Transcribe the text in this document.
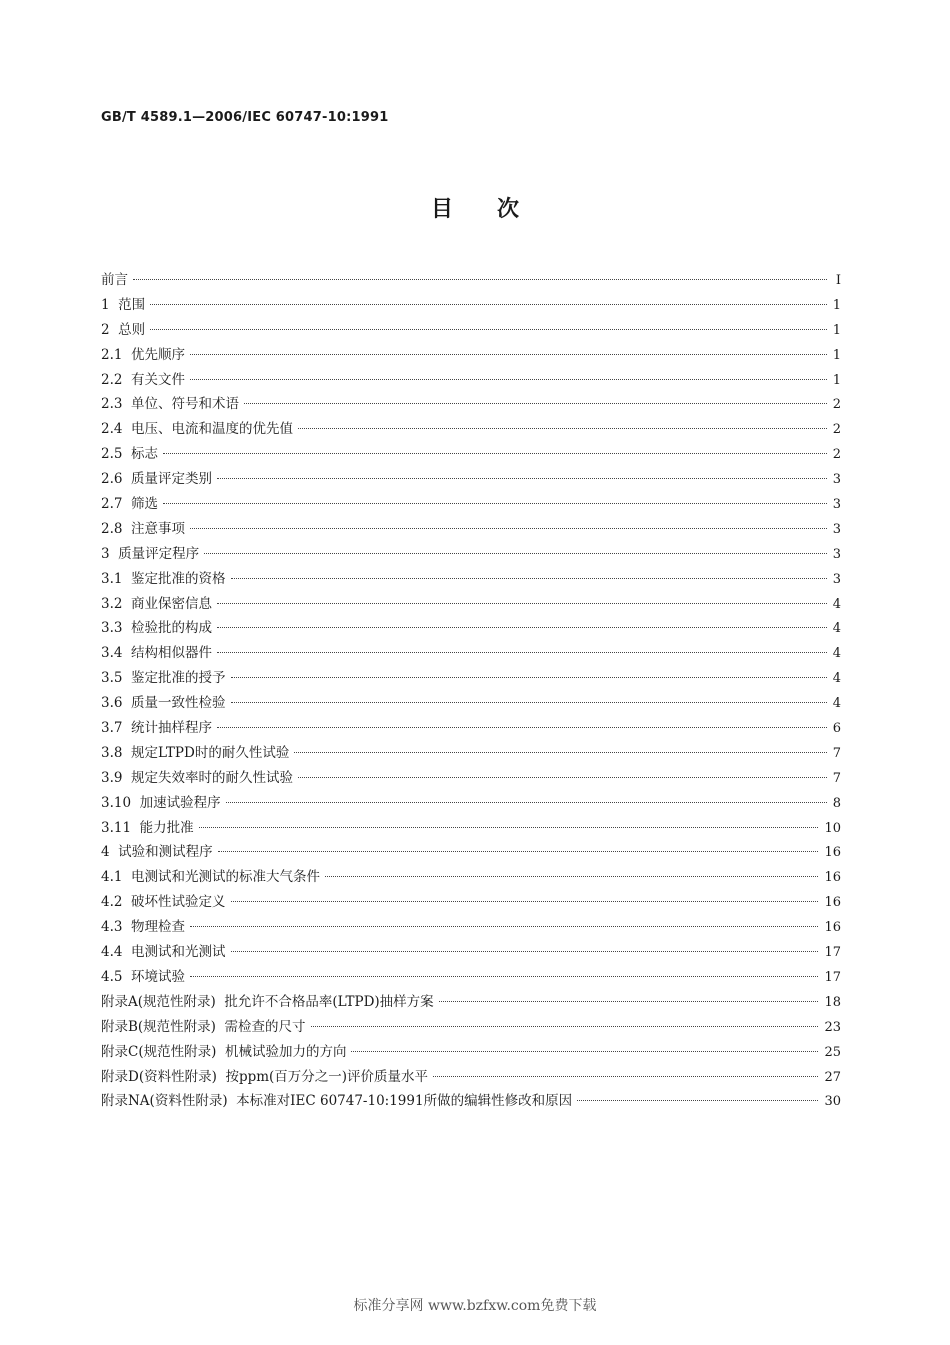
GB/T 4589.1—2006/IEC 60747-10:1991
目次
前言	Ⅰ
1  范围	1
2  总则	1
2.1  优先顺序	1
2.2  有关文件	1
2.3  单位、符号和术语	2
2.4  电压、电流和温度的优先值	2
2.5  标志	2
2.6  质量评定类别	3
2.7  筛选	3
2.8  注意事项	3
3  质量评定程序	3
3.1  鉴定批准的资格	3
3.2  商业保密信息	4
3.3  检验批的构成	4
3.4  结构相似器件	4
3.5  鉴定批准的授予	4
3.6  质量一致性检验	4
3.7  统计抽样程序	6
3.8  规定LTPD时的耐久性试验	7
3.9  规定失效率时的耐久性试验	7
3.10  加速试验程序	8
3.11  能力批准	10
4  试验和测试程序	16
4.1  电测试和光测试的标准大气条件	16
4.2  破坏性试验定义	16
4.3  物理检查	16
4.4  电测试和光测试	17
4.5  环境试验	17
附录A(规范性附录)  批允许不合格品率(LTPD)抽样方案	18
附录B(规范性附录)  需检查的尺寸	23
附录C(规范性附录)  机械试验加力的方向	25
附录D(资料性附录)  按ppm(百万分之一)评价质量水平	27
附录NA(资料性附录)  本标准对IEC 60747-10:1991所做的编辑性修改和原因	30
标准分享网 www.bzfxw.com免费下载
